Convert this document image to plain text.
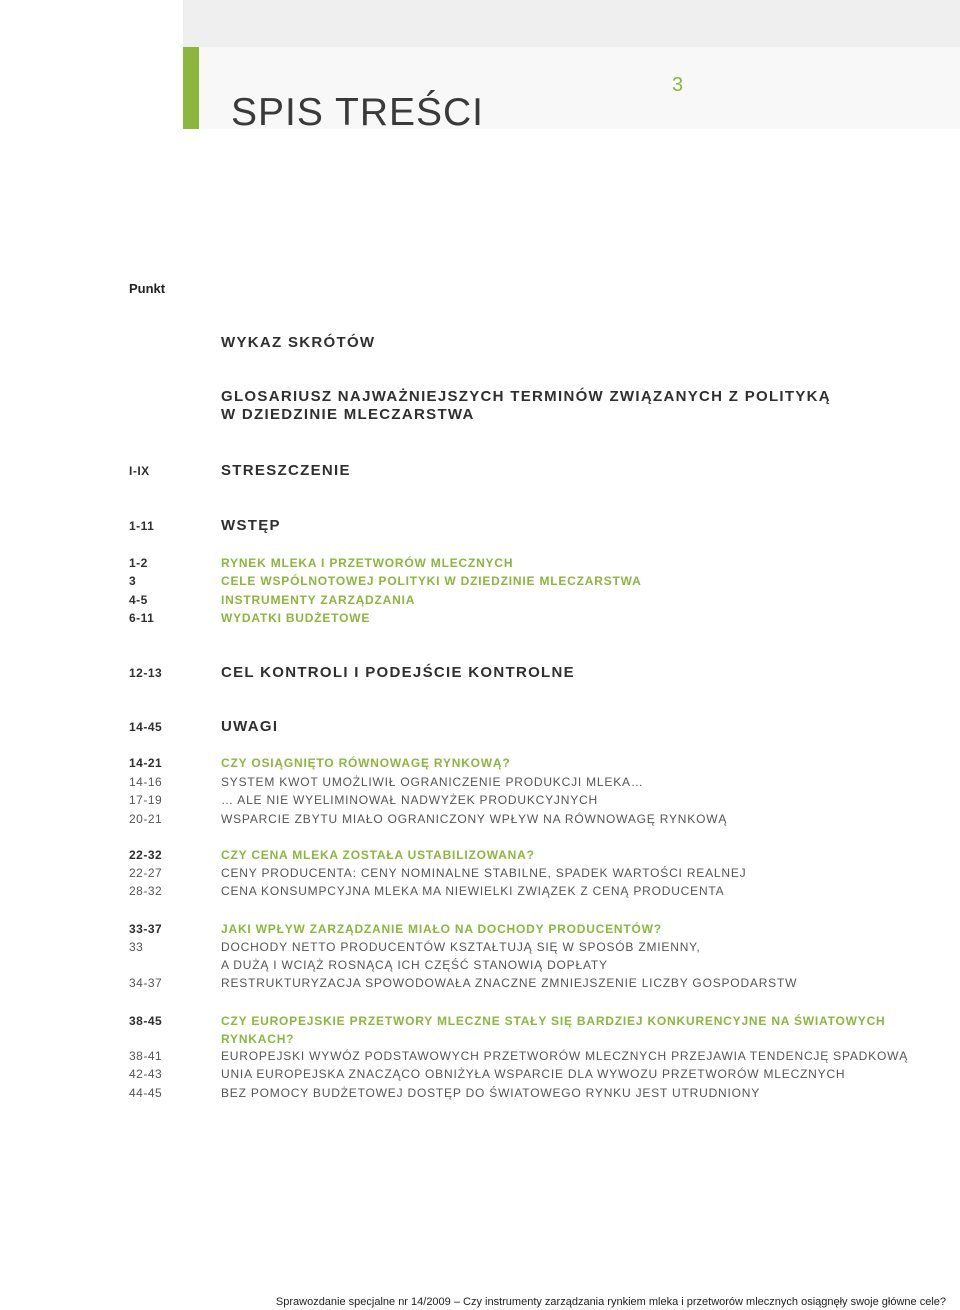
3
SPIS TREŚCI
Punkt
WYKAZ SKRÓTÓW
GLOSARIUSZ NAJWAŻNIEJSZYCH TERMINÓW ZWIĄZANYCH Z POLITYKĄ
W DZIEDZINIE MLECZARSTWA
I-IX	STRESZCZENIE
1-11	WSTĘP
1-2	RYNEK MLEKA I PRZETWORÓW MLECZNYCH
3	CELE WSPÓLNOTOWEJ POLITYKI W DZIEDZINIE MLECZARSTWA
4-5	INSTRUMENTY ZARZĄDZANIA
6-11	WYDATKI BUDŻETOWE
12-13	CEL KONTROLI I PODEJŚCIE KONTROLNE
14-45	UWAGI
14-21	CZY OSIĄGNIĘTO RÓWNOWAGĘ RYNKOWĄ?
14-16	SYSTEM KWOT UMOŻLIWIŁ OGRANICZENIE PRODUKCJI MLEKA…
17-19	… ALE NIE WYELIMINOWAŁ NADWYŻEK PRODUKCYJNYCH
20-21	WSPARCIE ZBYTU MIAŁO OGRANICZONY WPŁYW NA RÓWNOWAGĘ RYNKOWĄ
22-32	CZY CENA MLEKA ZOSTAŁA USTABILIZOWANA?
22-27	CENY PRODUCENTA: CENY NOMINALNE STABILNE, SPADEK WARTOŚCI REALNEJ
28-32	CENA KONSUMPCYJNA MLEKA MA NIEWIELKI ZWIĄZEK Z CENĄ PRODUCENTA
33-37	JAKI WPŁYW ZARZĄDZANIE MIAŁO NA DOCHODY PRODUCENTÓW?
33	DOCHODY NETTO PRODUCENTÓW KSZTAŁTUJĄ SIĘ W SPOSÓB ZMIENNY,
A DUŻĄ I WCIĄŻ ROSNĄCĄ ICH CZĘŚĆ STANOWIĄ DOPŁATY
34-37	RESTRUKTURYZACJA SPOWODOWAŁA ZNACZNE ZMNIEJSZENIE LICZBY GOSPODARSTW
38-45	CZY EUROPEJSKIE PRZETWORY MLECZNE STAŁY SIĘ BARDZIEJ KONKURENCYJNE NA ŚWIATOWYCH
RYNKACH?
38-41	EUROPEJSKI WYWÓZ PODSTAWOWYCH PRZETWORÓW MLECZNYCH PRZEJAWIA TENDENCJĘ SPADKOWĄ
42-43	UNIA EUROPEJSKA ZNACZĄCO OBNIŻYŁA WSPARCIE DLA WYWOZU PRZETWORÓW MLECZNYCH
44-45	BEZ POMOCY BUDŻETOWEJ DOSTĘP DO ŚWIATOWEGO RYNKU JEST UTRUDNIONY
Sprawozdanie specjalne nr 14/2009 – Czy instrumenty zarządzania rynkiem mleka i przetworów mlecznych osiągnęły swoje główne cele?
